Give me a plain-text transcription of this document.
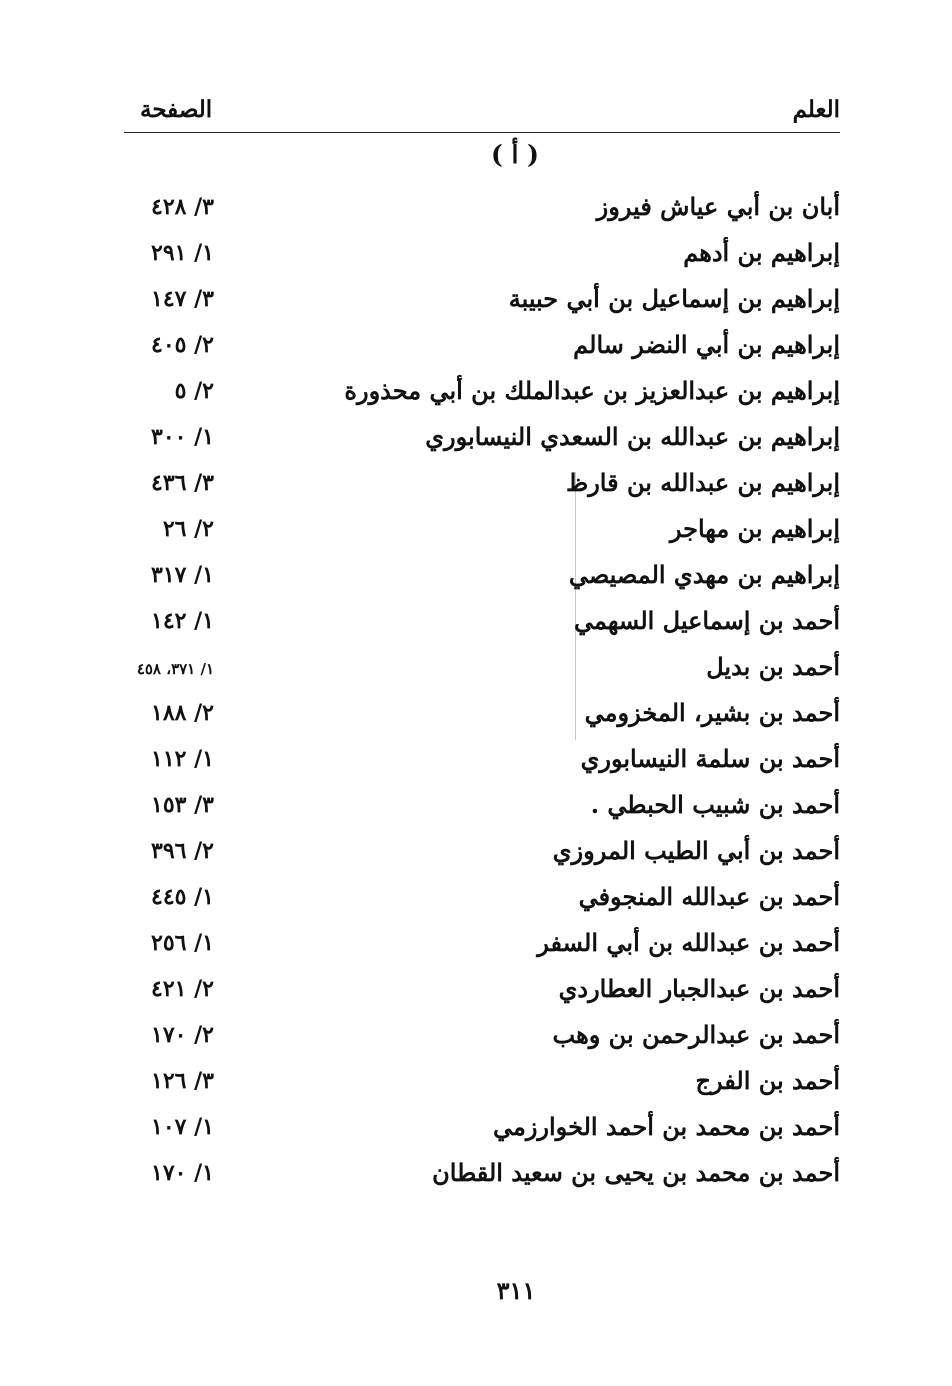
العلم
الصفحة
( أ )
أبان بن أبي عياش فيروز
٣/ ٤٢٨
إبراهيم بن أدهم
١/ ٢٩١
إبراهيم بن إسماعيل بن أبي حبيبة
٣/ ١٤٧
إبراهيم بن أبي النضر سالم
٢/ ٤٠٥
إبراهيم بن عبدالعزيز بن عبدالملك بن أبي محذورة
٢/ ٥
إبراهيم بن عبدالله بن السعدي النيسابوري
١/ ٣٠٠
إبراهيم بن عبدالله بن قارظ
٣/ ٤٣٦
إبراهيم بن مهاجر
٢/ ٢٦
إبراهيم بن مهدي المصيصي
١/ ٣١٧
أحمد بن إسماعيل السهمي
١/ ١٤٢
أحمد بن بديل
١/ ٣٧١، ٤٥٨
أحمد بن بشير، المخزومي
٢/ ١٨٨
أحمد بن سلمة النيسابوري
١/ ١١٢
أحمد بن شبيب الحبطي .
٣/ ١٥٣
أحمد بن أبي الطيب المروزي
٢/ ٣٩٦
أحمد بن عبدالله المنجوفي
١/ ٤٤٥
أحمد بن عبدالله بن أبي السفر
١/ ٢٥٦
أحمد بن عبدالجبار العطاردي
٢/ ٤٢١
أحمد بن عبدالرحمن بن وهب
٢/ ١٧٠
أحمد بن الفرج
٣/ ١٢٦
أحمد بن محمد بن أحمد الخوارزمي
١/ ١٠٧
أحمد بن محمد بن يحيى بن سعيد القطان
١/ ١٧٠
٣١١
